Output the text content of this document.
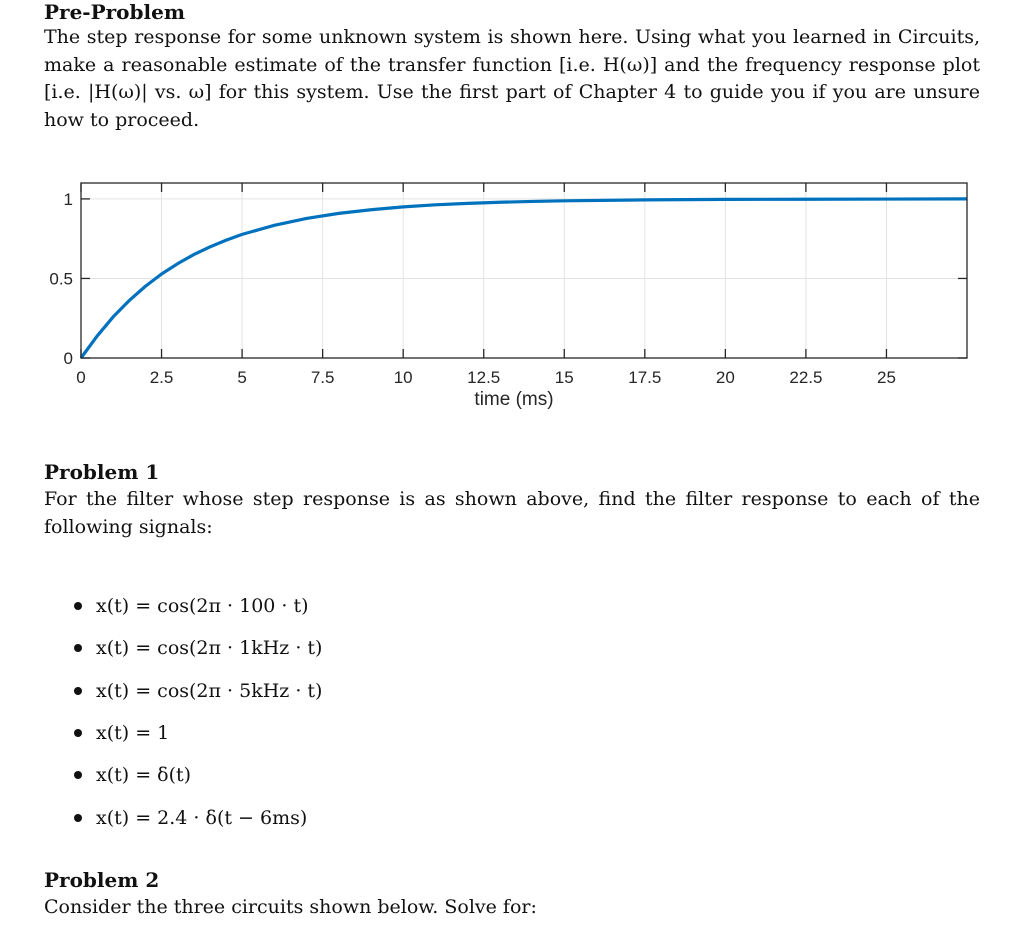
Pre-Problem
The step response for some unknown system is shown here. Using what you learned in Circuits, make a reasonable estimate of the transfer function [i.e. H(ω)] and the frequency response plot [i.e. |H(ω)| vs. ω] for this system. Use the first part of Chapter 4 to guide you if you are unsure how to proceed.
0	2.5	5	7.5	10	12.5	15	17.5	20	22.5	25
0
0.5
1
time (ms)
Problem 1
For the filter whose step response is as shown above, find the filter response to each of the following signals:
x(t) = cos(2π · 100 · t)
x(t) = cos(2π · 1kHz · t)
x(t) = cos(2π · 5kHz · t)
x(t) = 1
x(t) = δ(t)
x(t) = 2.4 · δ(t − 6ms)
Problem 2
Consider the three circuits shown below. Solve for:
